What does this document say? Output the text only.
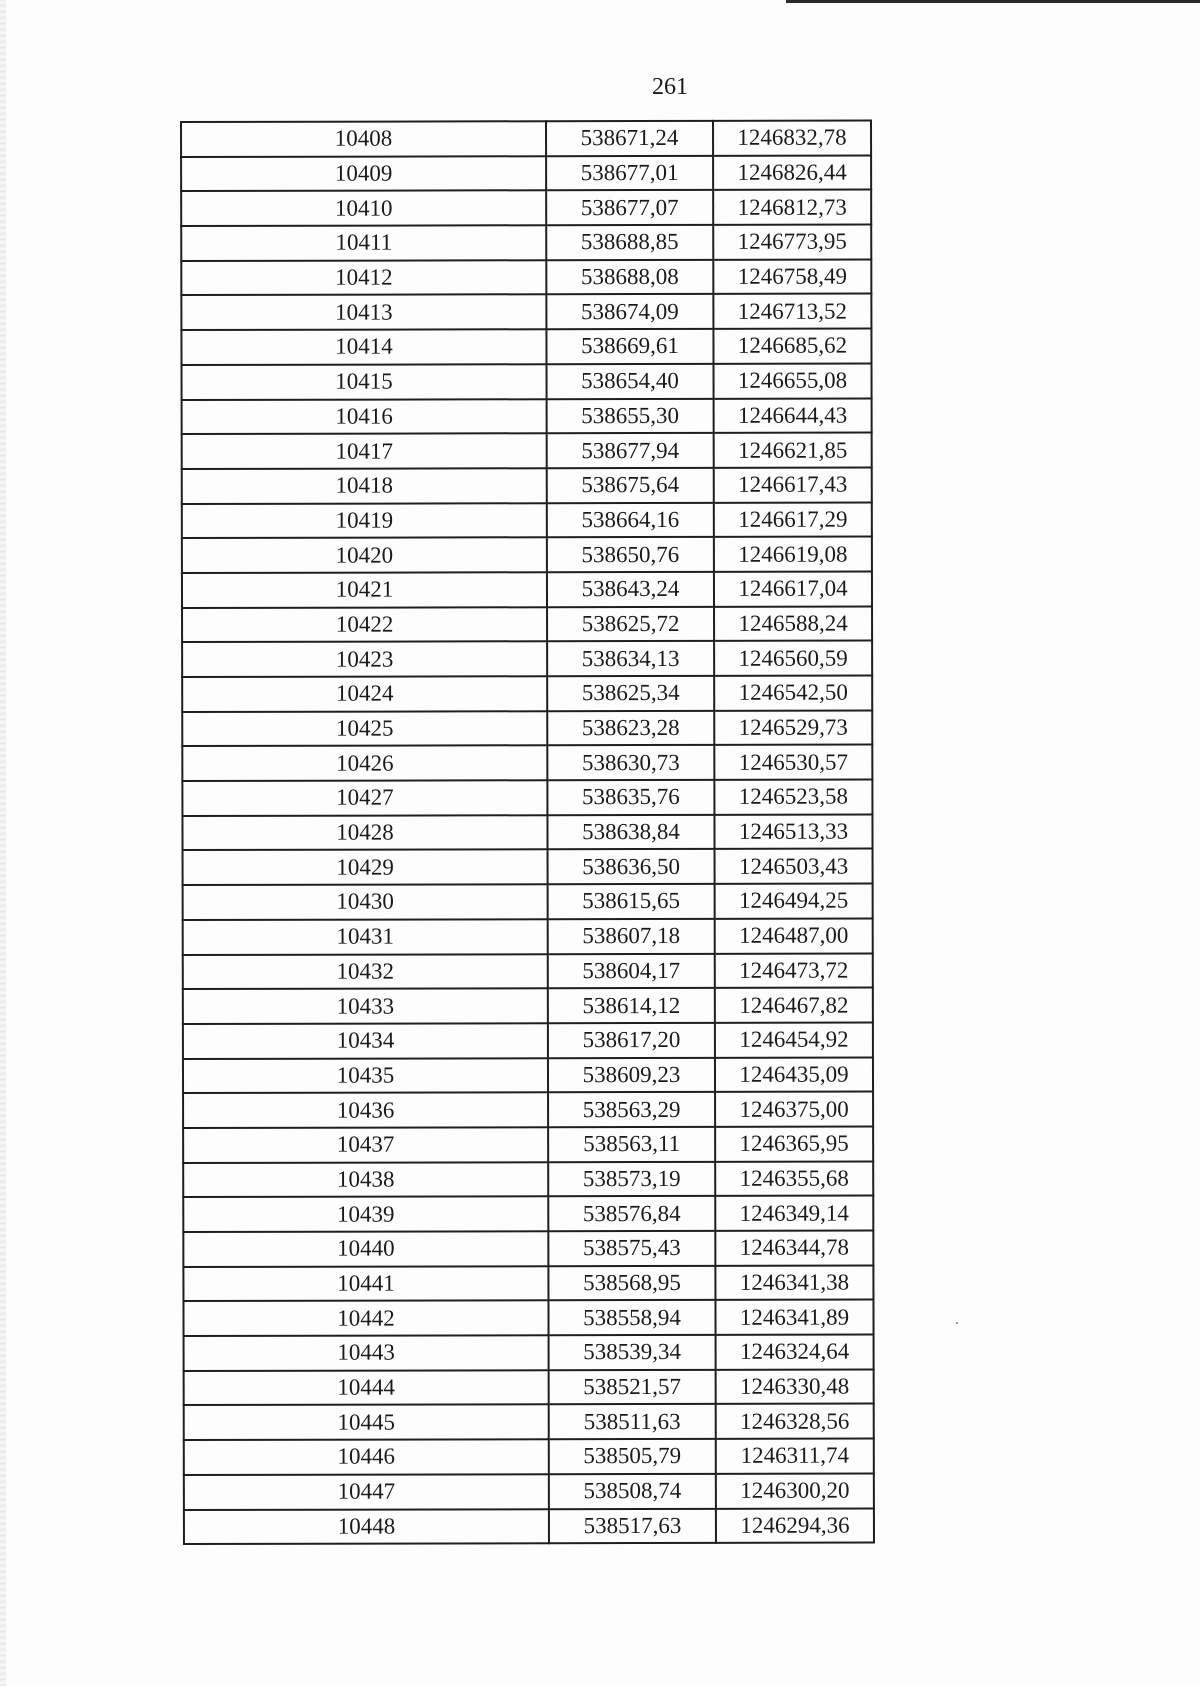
261
10408	538671,24	1246832,78
10409	538677,01	1246826,44
10410	538677,07	1246812,73
10411	538688,85	1246773,95
10412	538688,08	1246758,49
10413	538674,09	1246713,52
10414	538669,61	1246685,62
10415	538654,40	1246655,08
10416	538655,30	1246644,43
10417	538677,94	1246621,85
10418	538675,64	1246617,43
10419	538664,16	1246617,29
10420	538650,76	1246619,08
10421	538643,24	1246617,04
10422	538625,72	1246588,24
10423	538634,13	1246560,59
10424	538625,34	1246542,50
10425	538623,28	1246529,73
10426	538630,73	1246530,57
10427	538635,76	1246523,58
10428	538638,84	1246513,33
10429	538636,50	1246503,43
10430	538615,65	1246494,25
10431	538607,18	1246487,00
10432	538604,17	1246473,72
10433	538614,12	1246467,82
10434	538617,20	1246454,92
10435	538609,23	1246435,09
10436	538563,29	1246375,00
10437	538563,11	1246365,95
10438	538573,19	1246355,68
10439	538576,84	1246349,14
10440	538575,43	1246344,78
10441	538568,95	1246341,38
10442	538558,94	1246341,89
10443	538539,34	1246324,64
10444	538521,57	1246330,48
10445	538511,63	1246328,56
10446	538505,79	1246311,74
10447	538508,74	1246300,20
10448	538517,63	1246294,36
